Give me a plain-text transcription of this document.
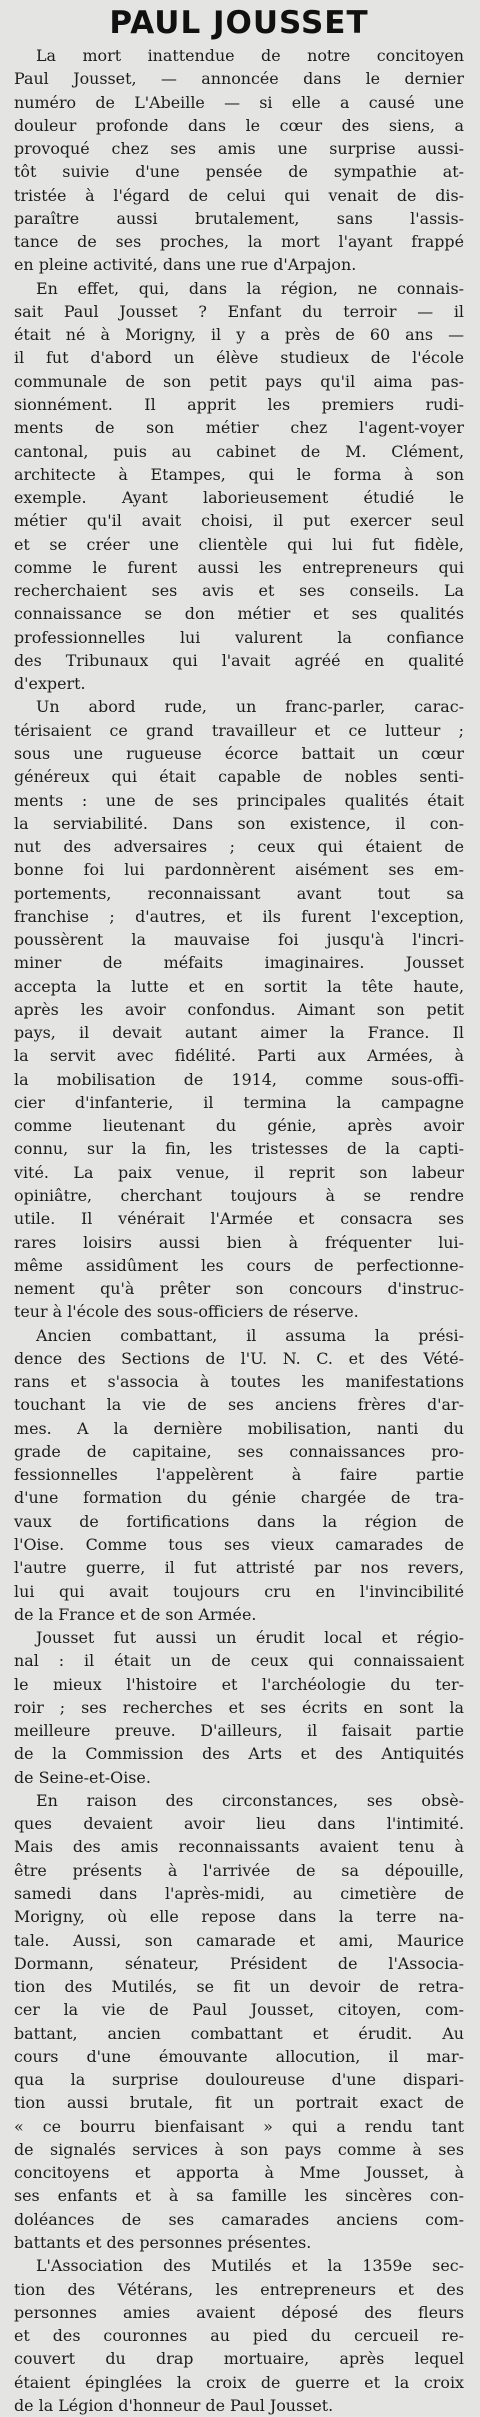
PAUL JOUSSET
La mort inattendue de notre concitoyen
Paul Jousset, — annoncée dans le dernier
numéro de L'Abeille — si elle a causé une
douleur profonde dans le cœur des siens, a
provoqué chez ses amis une surprise aussi-
tôt suivie d'une pensée de sympathie at-
tristée à l'égard de celui qui venait de dis-
paraître aussi brutalement, sans l'assis-
tance de ses proches, la mort l'ayant frappé
en pleine activité, dans une rue d'Arpajon.
En effet, qui, dans la région, ne connais-
sait Paul Jousset ? Enfant du terroir — il
était né à Morigny, il y a près de 60 ans —
il fut d'abord un élève studieux de l'école
communale de son petit pays qu'il aima pas-
sionnément. Il apprit les premiers rudi-
ments de son métier chez l'agent-voyer
cantonal, puis au cabinet de M. Clément,
architecte à Etampes, qui le forma à son
exemple. Ayant laborieusement étudié le
métier qu'il avait choisi, il put exercer seul
et se créer une clientèle qui lui fut fidèle,
comme le furent aussi les entrepreneurs qui
recherchaient ses avis et ses conseils. La
connaissance se don métier et ses qualités
professionnelles lui valurent la confiance
des Tribunaux qui l'avait agréé en qualité
d'expert.
Un abord rude, un franc-parler, carac-
térisaient ce grand travailleur et ce lutteur ;
sous une rugueuse écorce battait un cœur
généreux qui était capable de nobles senti-
ments : une de ses principales qualités était
la serviabilité. Dans son existence, il con-
nut des adversaires ; ceux qui étaient de
bonne foi lui pardonnèrent aisément ses em-
portements, reconnaissant avant tout sa
franchise ; d'autres, et ils furent l'exception,
poussèrent la mauvaise foi jusqu'à l'incri-
miner de méfaits imaginaires. Jousset
accepta la lutte et en sortit la tête haute,
après les avoir confondus. Aimant son petit
pays, il devait autant aimer la France. Il
la servit avec fidélité. Parti aux Armées, à
la mobilisation de 1914, comme sous-offi-
cier d'infanterie, il termina la campagne
comme lieutenant du génie, après avoir
connu, sur la fin, les tristesses de la capti-
vité. La paix venue, il reprit son labeur
opiniâtre, cherchant toujours à se rendre
utile. Il vénérait l'Armée et consacra ses
rares loisirs aussi bien à fréquenter lui-
même assidûment les cours de perfectionne-
nement qu'à prêter son concours d'instruc-
teur à l'école des sous-officiers de réserve.
Ancien combattant, il assuma la prési-
dence des Sections de l'U. N. C. et des Vété-
rans et s'associa à toutes les manifestations
touchant la vie de ses anciens frères d'ar-
mes. A la dernière mobilisation, nanti du
grade de capitaine, ses connaissances pro-
fessionnelles l'appelèrent à faire partie
d'une formation du génie chargée de tra-
vaux de fortifications dans la région de
l'Oise. Comme tous ses vieux camarades de
l'autre guerre, il fut attristé par nos revers,
lui qui avait toujours cru en l'invincibilité
de la France et de son Armée.
Jousset fut aussi un érudit local et régio-
nal : il était un de ceux qui connaissaient
le mieux l'histoire et l'archéologie du ter-
roir ; ses recherches et ses écrits en sont la
meilleure preuve. D'ailleurs, il faisait partie
de la Commission des Arts et des Antiquités
de Seine-et-Oise.
En raison des circonstances, ses obsè-
ques devaient avoir lieu dans l'intimité.
Mais des amis reconnaissants avaient tenu à
être présents à l'arrivée de sa dépouille,
samedi dans l'après-midi, au cimetière de
Morigny, où elle repose dans la terre na-
tale. Aussi, son camarade et ami, Maurice
Dormann, sénateur, Président de l'Associa-
tion des Mutilés, se fit un devoir de retra-
cer la vie de Paul Jousset, citoyen, com-
battant, ancien combattant et érudit. Au
cours d'une émouvante allocution, il mar-
qua la surprise douloureuse d'une dispari-
tion aussi brutale, fit un portrait exact de
« ce bourru bienfaisant » qui a rendu tant
de signalés services à son pays comme à ses
concitoyens et apporta à Mme Jousset, à
ses enfants et à sa famille les sincères con-
doléances de ses camarades anciens com-
battants et des personnes présentes.
L'Association des Mutilés et la 1359e sec-
tion des Vétérans, les entrepreneurs et des
personnes amies avaient déposé des fleurs
et des couronnes au pied du cercueil re-
couvert du drap mortuaire, après lequel
étaient épinglées la croix de guerre et la croix
de la Légion d'honneur de Paul Jousset.
